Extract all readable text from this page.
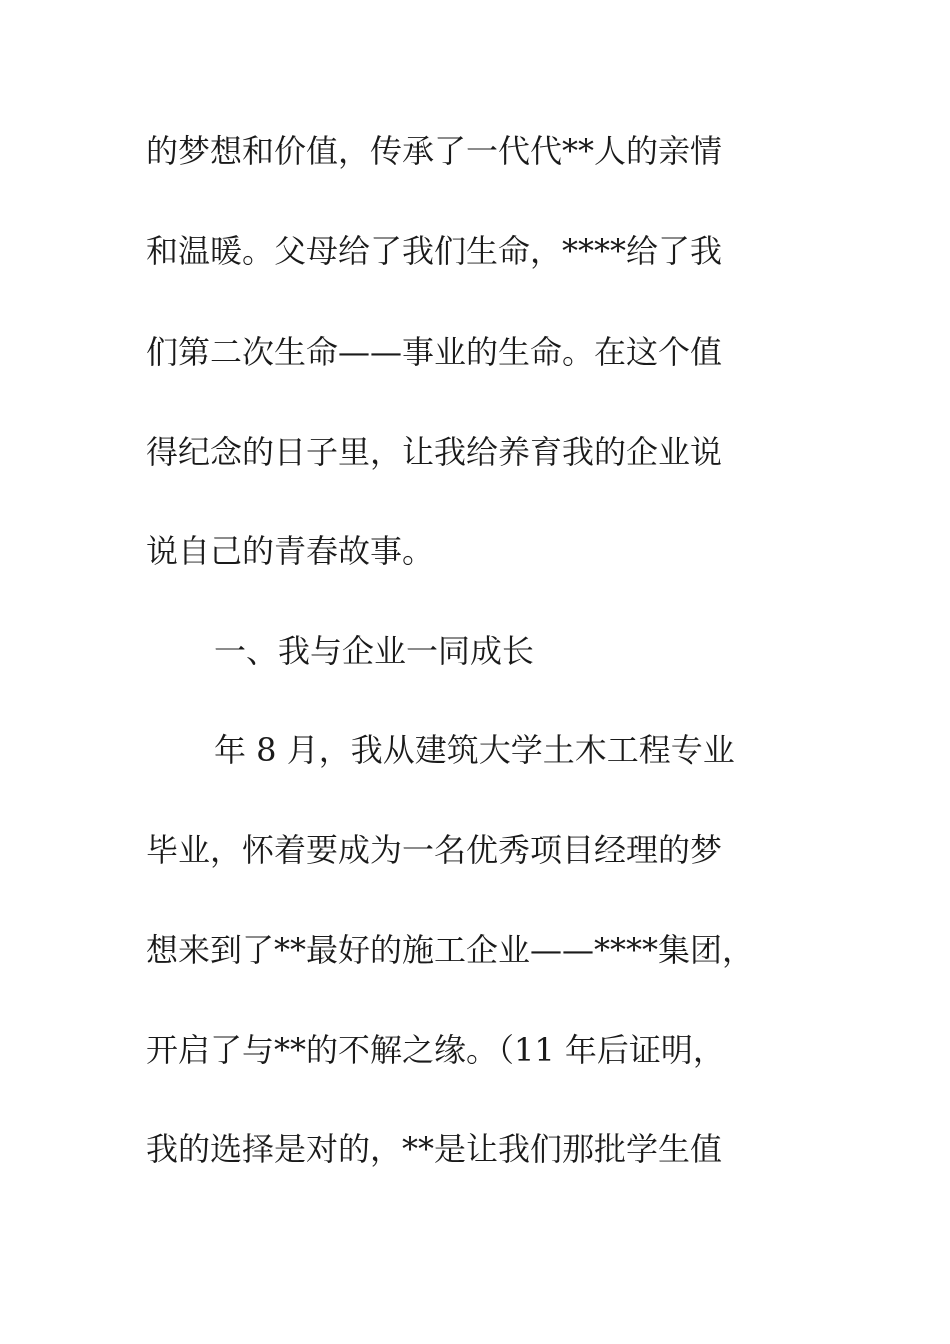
的梦想和价值，传承了一代代**人的亲情
和温暖。父母给了我们生命，****给了我
们第二次生命——事业的生命。在这个值
得纪念的日子里，让我给养育我的企业说
说自己的青春故事。
一、我与企业一同成长
年 8 月，我从建筑大学土木工程专业
毕业，怀着要成为一名优秀项目经理的梦
想来到了**最好的施工企业——****集团，
开启了与**的不解之缘。（11 年后证明，
我的选择是对的，**是让我们那批学生值
